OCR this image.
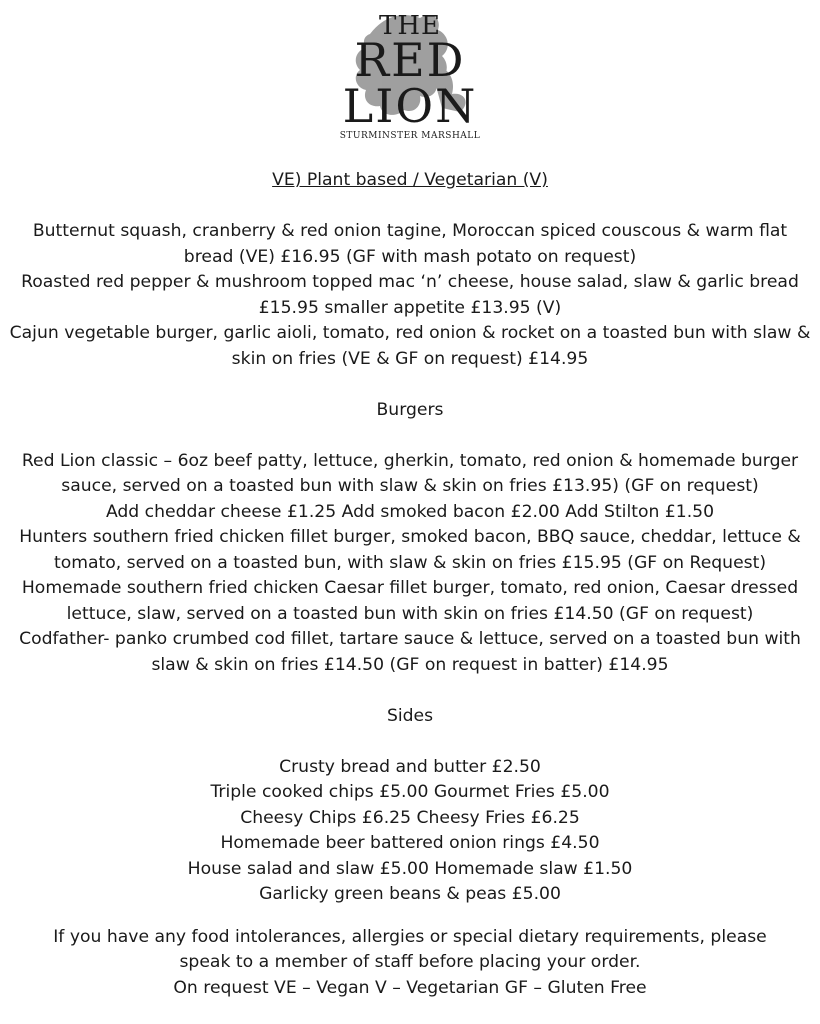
THE
RED
LION
STURMINSTER MARSHALL

VE) Plant based / Vegetarian (V)

Butternut squash, cranberry & red onion tagine, Moroccan spiced couscous & warm flat

bread (VE) £16.95 (GF with mash potato on request)

Roasted red pepper & mushroom topped mac ‘n’ cheese, house salad, slaw & garlic bread

£15.95 smaller appetite £13.95 (V)

Cajun vegetable burger, garlic aioli, tomato, red onion & rocket on a toasted bun with slaw &

skin on fries (VE & GF on request) £14.95

Burgers

Red Lion classic – 6oz beef patty, lettuce, gherkin, tomato, red onion & homemade burger

sauce, served on a toasted bun with slaw & skin on fries £13.95) (GF on request)

Add cheddar cheese £1.25 Add smoked bacon £2.00 Add Stilton £1.50

Hunters southern fried chicken fillet burger, smoked bacon, BBQ sauce, cheddar, lettuce &

tomato, served on a toasted bun, with slaw & skin on fries £15.95 (GF on Request)

Homemade southern fried chicken Caesar fillet burger, tomato, red onion, Caesar dressed

lettuce, slaw, served on a toasted bun with skin on fries £14.50 (GF on request)

Codfather- panko crumbed cod fillet, tartare sauce & lettuce, served on a toasted bun with

slaw & skin on fries £14.50 (GF on request in batter) £14.95

Sides

Crusty bread and butter £2.50

Triple cooked chips £5.00 Gourmet Fries £5.00

Cheesy Chips £6.25 Cheesy Fries £6.25

Homemade beer battered onion rings £4.50

House salad and slaw £5.00 Homemade slaw £1.50

Garlicky green beans & peas £5.00

If you have any food intolerances, allergies or special dietary requirements, please

speak to a member of staff before placing your order.

On request VE – Vegan V – Vegetarian GF – Gluten Free
